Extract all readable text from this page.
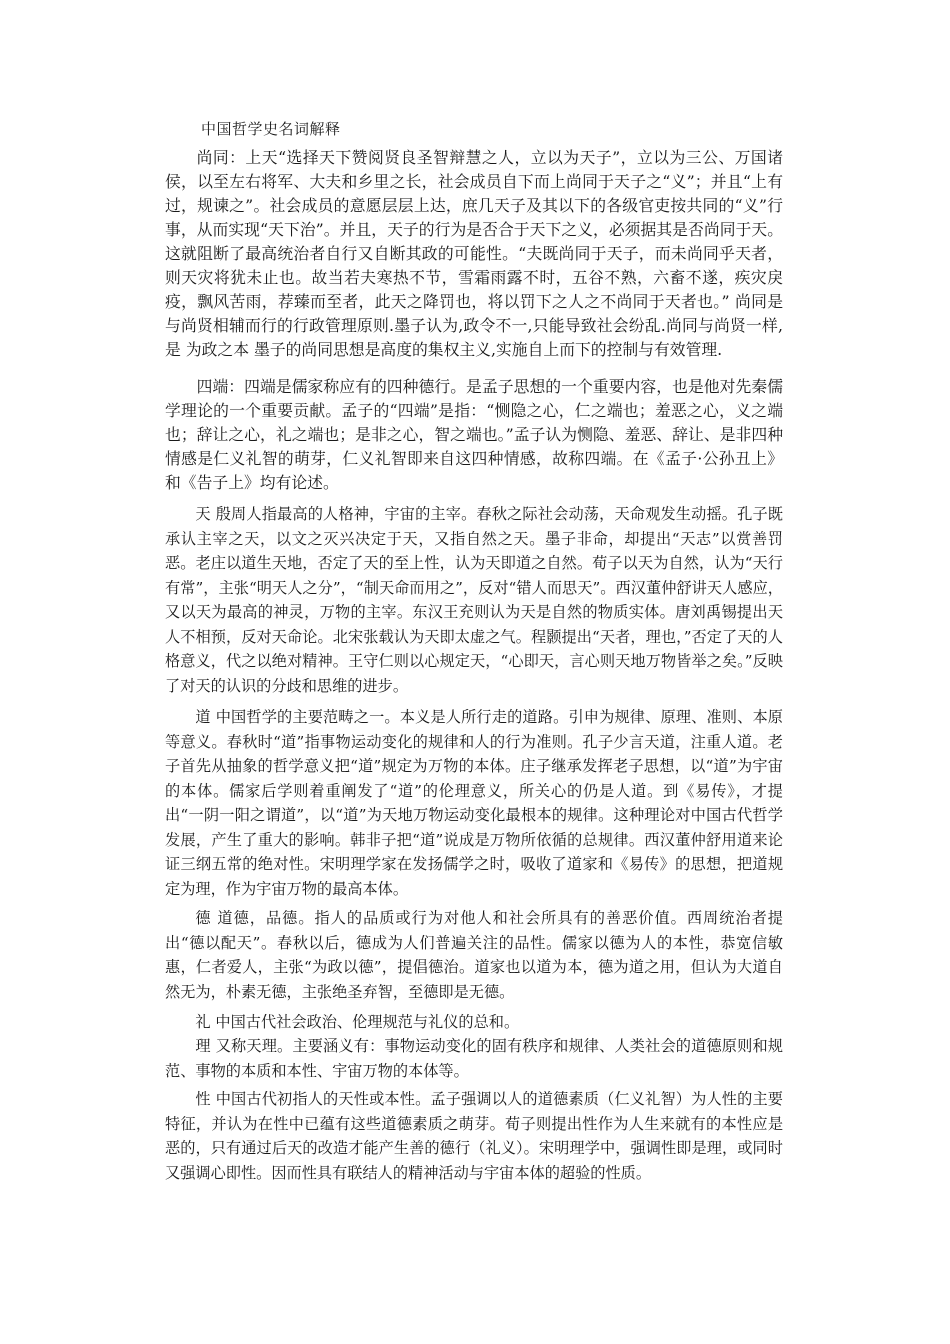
中国哲学史名词解释

尚同：上天“选择天下赞阅贤良圣智辩慧之人，立以为天子”，立以为三公、万国诸侯，以至左右将军、大夫和乡里之长，社会成员自下而上尚同于天子之“义”；并且“上有过，规谏之”。社会成员的意愿层层上达，庶几天子及其以下的各级官吏按共同的“义”行事，从而实现“天下治”。并且，天子的行为是否合于天下之义，必须据其是否尚同于天。这就阻断了最高统治者自行又自断其政的可能性。“夫既尚同于天子，而未尚同乎天者，则天灾将犹未止也。故当若夫寒热不节，雪霜雨露不时，五谷不熟，六畜不遂，疾灾戾疫，飘风苦雨，荐臻而至者，此天之降罚也，将以罚下之人之不尚同于天者也。” 尚同是与尚贤相辅而行的行政管理原则.墨子认为,政令不一,只能导致社会纷乱.尚同与尚贤一样,是 为政之本 墨子的尚同思想是高度的集权主义,实施自上而下的控制与有效管理.

四端：四端是儒家称应有的四种德行。是孟子思想的一个重要内容，也是他对先秦儒学理论的一个重要贡献。孟子的“四端”是指：“恻隐之心，仁之端也；羞恶之心，义之端也；辞让之心，礼之端也；是非之心，智之端也。”孟子认为恻隐、羞恶、辞让、是非四种情感是仁义礼智的萌芽，仁义礼智即来自这四种情感，故称四端。在《孟子·公孙丑上》和《告子上》均有论述。

天 殷周人指最高的人格神，宇宙的主宰。春秋之际社会动荡，天命观发生动摇。孔子既承认主宰之天，以文之灭兴决定于天，又指自然之天。墨子非命，却提出“天志”以赏善罚恶。老庄以道生天地，否定了天的至上性，认为天即道之自然。荀子以天为自然，认为“天行有常”，主张“明天人之分”，“制天命而用之”，反对“错人而思天”。西汉董仲舒讲天人感应，又以天为最高的神灵，万物的主宰。东汉王充则认为天是自然的物质实体。唐刘禹锡提出天人不相预，反对天命论。北宋张载认为天即太虚之气。程颢提出“天者，理也，”否定了天的人格意义，代之以绝对精神。王守仁则以心规定天，“心即天，言心则天地万物皆举之矣。”反映了对天的认识的分歧和思维的进步。

道 中国哲学的主要范畴之一。本义是人所行走的道路。引申为规律、原理、准则、本原等意义。春秋时“道”指事物运动变化的规律和人的行为准则。孔子少言天道，注重人道。老子首先从抽象的哲学意义把“道”规定为万物的本体。庄子继承发挥老子思想，以“道”为宇宙的本体。儒家后学则着重阐发了“道”的伦理意义，所关心的仍是人道。到《易传》，才提出“一阴一阳之谓道”，以“道”为天地万物运动变化最根本的规律。这种理论对中国古代哲学发展，产生了重大的影响。韩非子把“道”说成是万物所依循的总规律。西汉董仲舒用道来论证三纲五常的绝对性。宋明理学家在发扬儒学之时，吸收了道家和《易传》的思想，把道规定为理，作为宇宙万物的最高本体。

德 道德，品德。指人的品质或行为对他人和社会所具有的善恶价值。西周统治者提出“德以配天”。春秋以后，德成为人们普遍关注的品性。儒家以德为人的本性，恭宽信敏惠，仁者爱人，主张“为政以德”，提倡德治。道家也以道为本，德为道之用，但认为大道自然无为，朴素无德，主张绝圣弃智，至德即是无德。

礼 中国古代社会政治、伦理规范与礼仪的总和。

理 又称天理。主要涵义有：事物运动变化的固有秩序和规律、人类社会的道德原则和规范、事物的本质和本性、宇宙万物的本体等。

性 中国古代初指人的天性或本性。孟子强调以人的道德素质（仁义礼智）为人性的主要特征，并认为在性中已蕴有这些道德素质之萌芽。荀子则提出性作为人生来就有的本性应是恶的，只有通过后天的改造才能产生善的德行（礼义）。宋明理学中，强调性即是理，或同时又强调心即性。因而性具有联结人的精神活动与宇宙本体的超验的性质。
